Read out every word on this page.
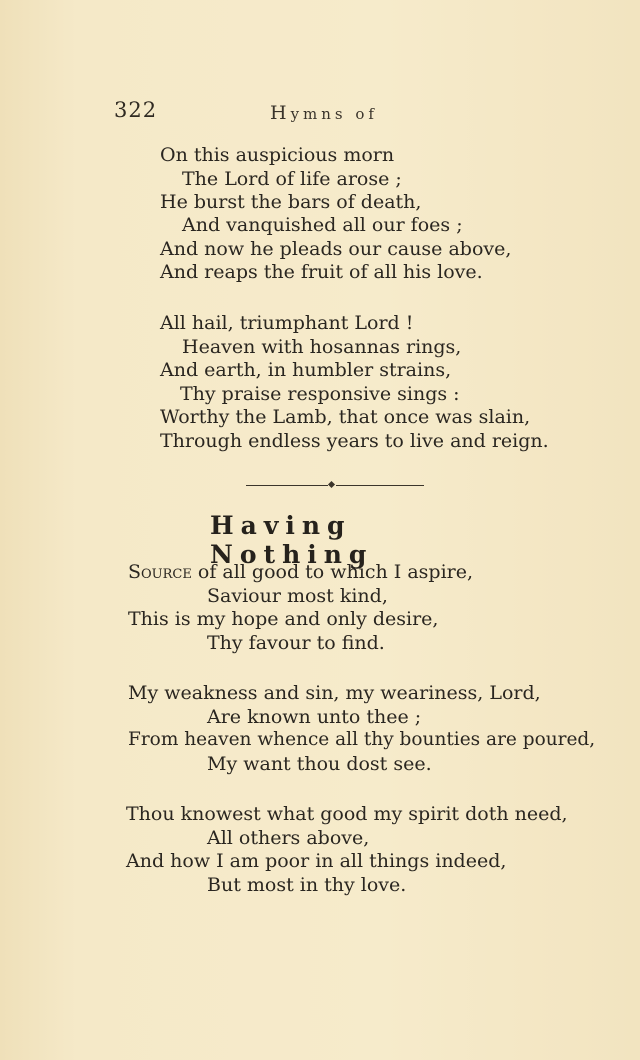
322	Hymns of
On this auspicious morn
The Lord of life arose ;
He burst the bars of death,
And vanquished all our foes ;
And now he pleads our cause above,
And reaps the fruit of all his love.
All hail, triumphant Lord !
Heaven with hosannas rings,
And earth, in humbler strains,
Thy praise responsive sings :
Worthy the Lamb, that once was slain,
Through endless years to live and reign.
Having Nothing
Source of all good to which I aspire,
Saviour most kind,
This is my hope and only desire,
Thy favour to find.
My weakness and sin, my weariness, Lord,
Are known unto thee ;
From heaven whence all thy bounties are poured,
My want thou dost see.
Thou knowest what good my spirit doth need,
All others above,
And how I am poor in all things indeed,
But most in thy love.
